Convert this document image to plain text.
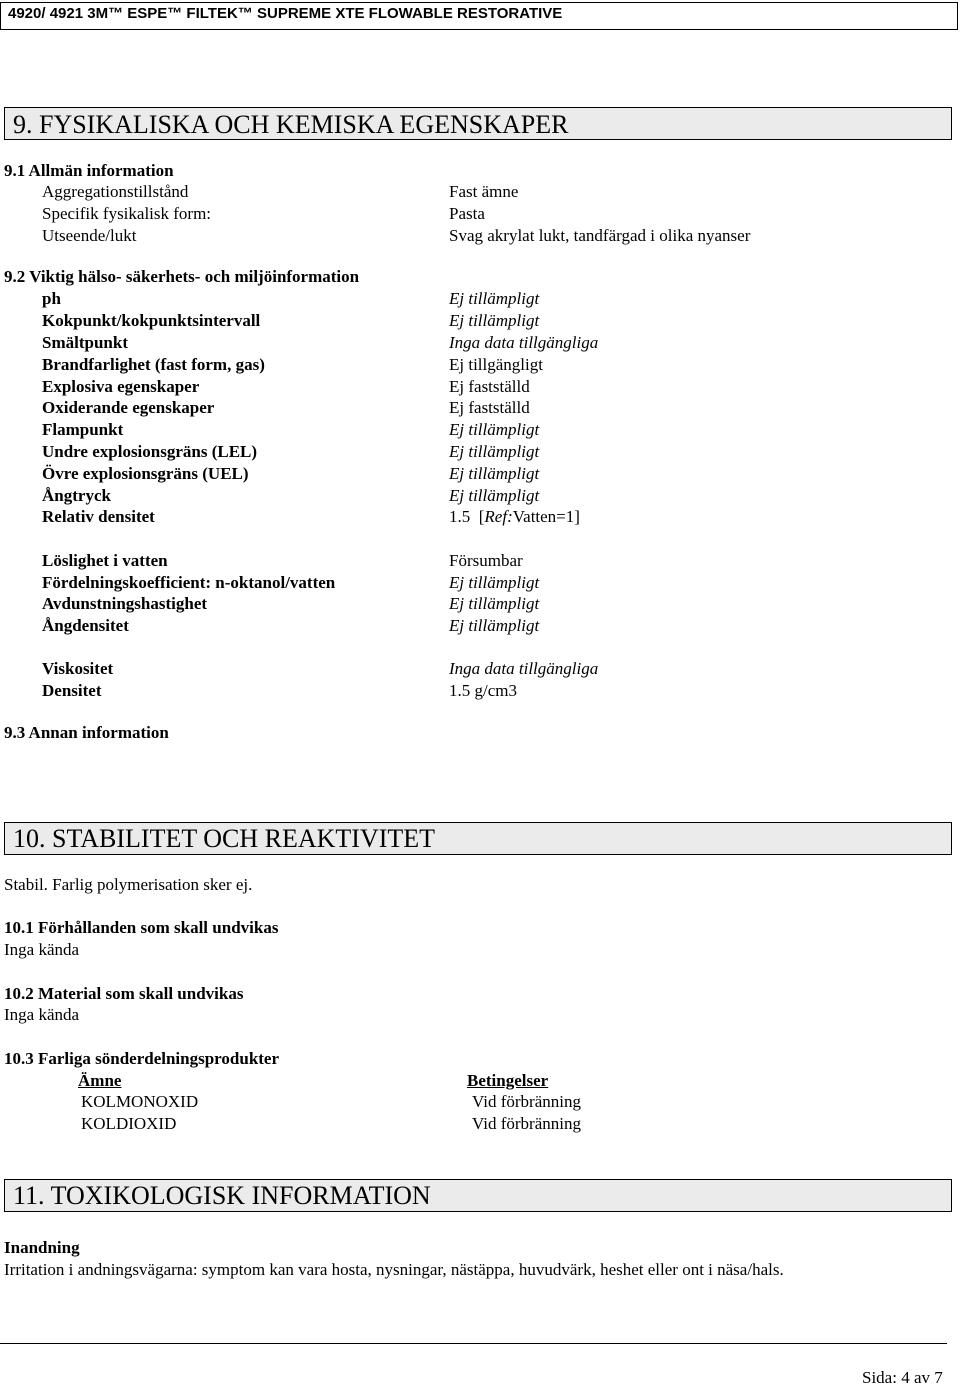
4920/ 4921 3M™ ESPE™ FILTEK™ SUPREME XTE FLOWABLE RESTORATIVE
9. FYSIKALISKA OCH KEMISKA EGENSKAPER
9.1 Allmän information
Aggregationstillstånd	Fast ämne
Specifik fysikalisk form:	Pasta
Utseende/lukt	Svag akrylat lukt, tandfärgad i olika nyanser
9.2 Viktig hälso- säkerhets- och miljöinformation
ph	Ej tillämpligt
Kokpunkt/kokpunktsintervall	Ej tillämpligt
Smältpunkt	Inga data tillgängliga
Brandfarlighet (fast form, gas)	Ej tillgängligt
Explosiva egenskaper	Ej fastställd
Oxiderande egenskaper	Ej fastställd
Flampunkt	Ej tillämpligt
Undre explosionsgräns (LEL)	Ej tillämpligt
Övre explosionsgräns (UEL)	Ej tillämpligt
Ångtryck	Ej tillämpligt
Relativ densitet	1.5  [Ref:Vatten=1]
Löslighet i vatten	Försumbar
Fördelningskoefficient: n-oktanol/vatten	Ej tillämpligt
Avdunstningshastighet	Ej tillämpligt
Ångdensitet	Ej tillämpligt
Viskositet	Inga data tillgängliga
Densitet	1.5 g/cm3
9.3 Annan information
10. STABILITET OCH REAKTIVITET
Stabil. Farlig polymerisation sker ej.
10.1 Förhållanden som skall undvikas
Inga kända
10.2 Material som skall undvikas
Inga kända
10.3 Farliga sönderdelningsprodukter
Ämne	Betingelser
KOLMONOXID	Vid förbränning
KOLDIOXID	Vid förbränning
11. TOXIKOLOGISK INFORMATION
Inandning
Irritation i andningsvägarna: symptom kan vara hosta, nysningar, nästäppa, huvudvärk, heshet eller ont i näsa/hals.
Sida: 4 av 7
